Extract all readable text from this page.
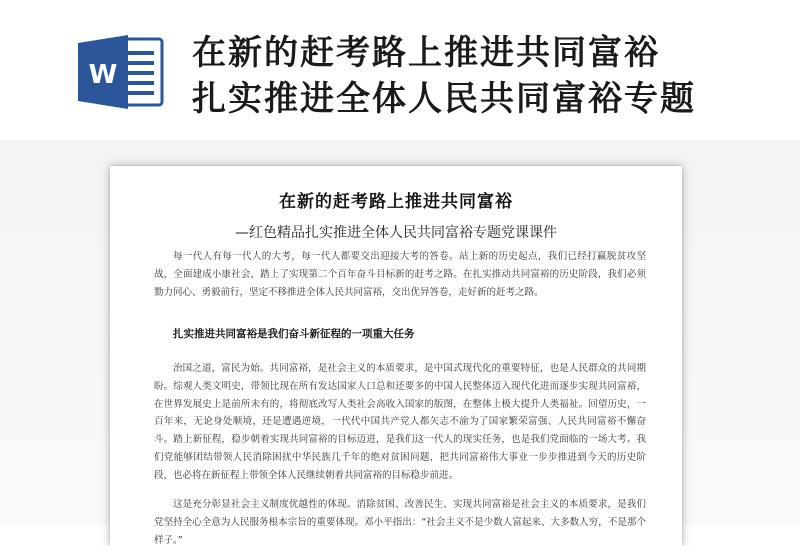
W
在新的赶考路上推进共同富裕
扎实推进全体人民共同富裕专题
在新的赶考路上推进共同富裕
—红色精品扎实推进全体人民共同富裕专题党课课件
每一代人有每一代人的大考，每一代人都要交出迎接大考的答卷。站上新的历史起点，我们已经打赢脱贫攻坚战，全面建成小康社会，踏上了实现第二个百年奋斗目标新的赶考之路。在扎实推动共同富裕的历史阶段，我们必须勠力同心、勇毅前行，坚定不移推进全体人民共同富裕，交出优异答卷，走好新的赶考之路。
扎实推进共同富裕是我们奋斗新征程的一项重大任务
治国之道，富民为始。共同富裕，是社会主义的本质要求，是中国式现代化的重要特征，也是人民群众的共同期盼。综观人类文明史，带领比现在所有发达国家人口总和还要多的中国人民整体迈入现代化进而逐步实现共同富裕，在世界发展史上是前所未有的，将彻底改写人类社会高收入国家的版图，在整体上极大提升人类福祉。回望历史，一百年来，无论身处顺境，还是遭遇逆境，一代代中国共产党人都矢志不渝为了国家繁荣富强、人民共同富裕不懈奋斗。踏上新征程，稳步朝着实现共同富裕的目标迈进，是我们这一代人的现实任务，也是我们党面临的一场大考。我们党能够团结带领人民消除困扰中华民族几千年的绝对贫困问题，把共同富裕伟大事业一步步推进到今天的历史阶段，也必将在新征程上带领全体人民继续朝着共同富裕的目标稳步前进。
这是充分彰显社会主义制度优越性的体现。消除贫困、改善民生、实现共同富裕是社会主义的本质要求，是我们党坚持全心全意为人民服务根本宗旨的重要体现。邓小平指出：“社会主义不是少数人富起来、大多数人穷，不是那个样子。”
